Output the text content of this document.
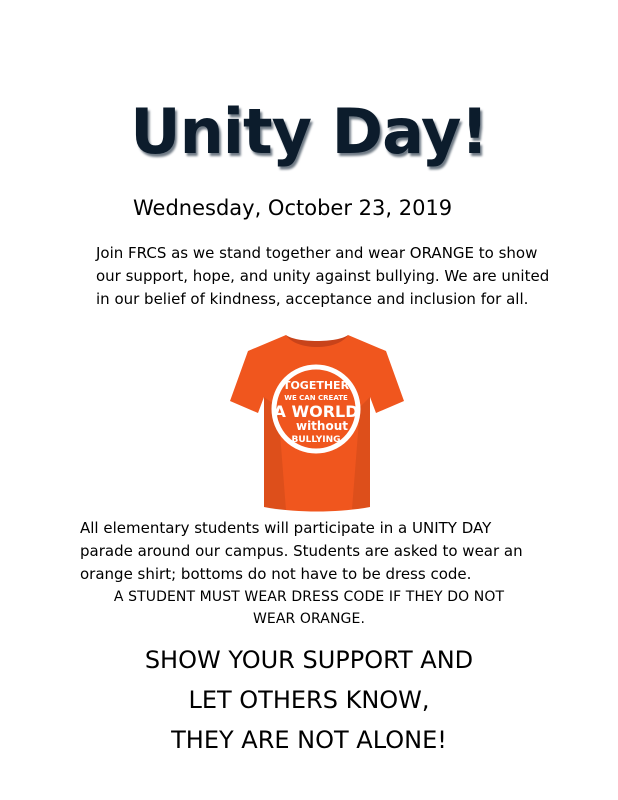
Unity Day!
Wednesday, October 23, 2019
Join FRCS as we stand together and wear ORANGE to show
our support, hope, and unity against bullying. We are united
in our belief of kindness, acceptance and inclusion for all.
TOGETHER
WE CAN CREATE
A WORLD
without
BULLYING
All elementary students will participate in a UNITY DAY
parade around our campus. Students are asked to wear an
orange shirt; bottoms do not have to be dress code.
A STUDENT MUST WEAR DRESS CODE IF THEY DO NOT
WEAR ORANGE.
SHOW YOUR SUPPORT AND
LET OTHERS KNOW,
THEY ARE NOT ALONE!
